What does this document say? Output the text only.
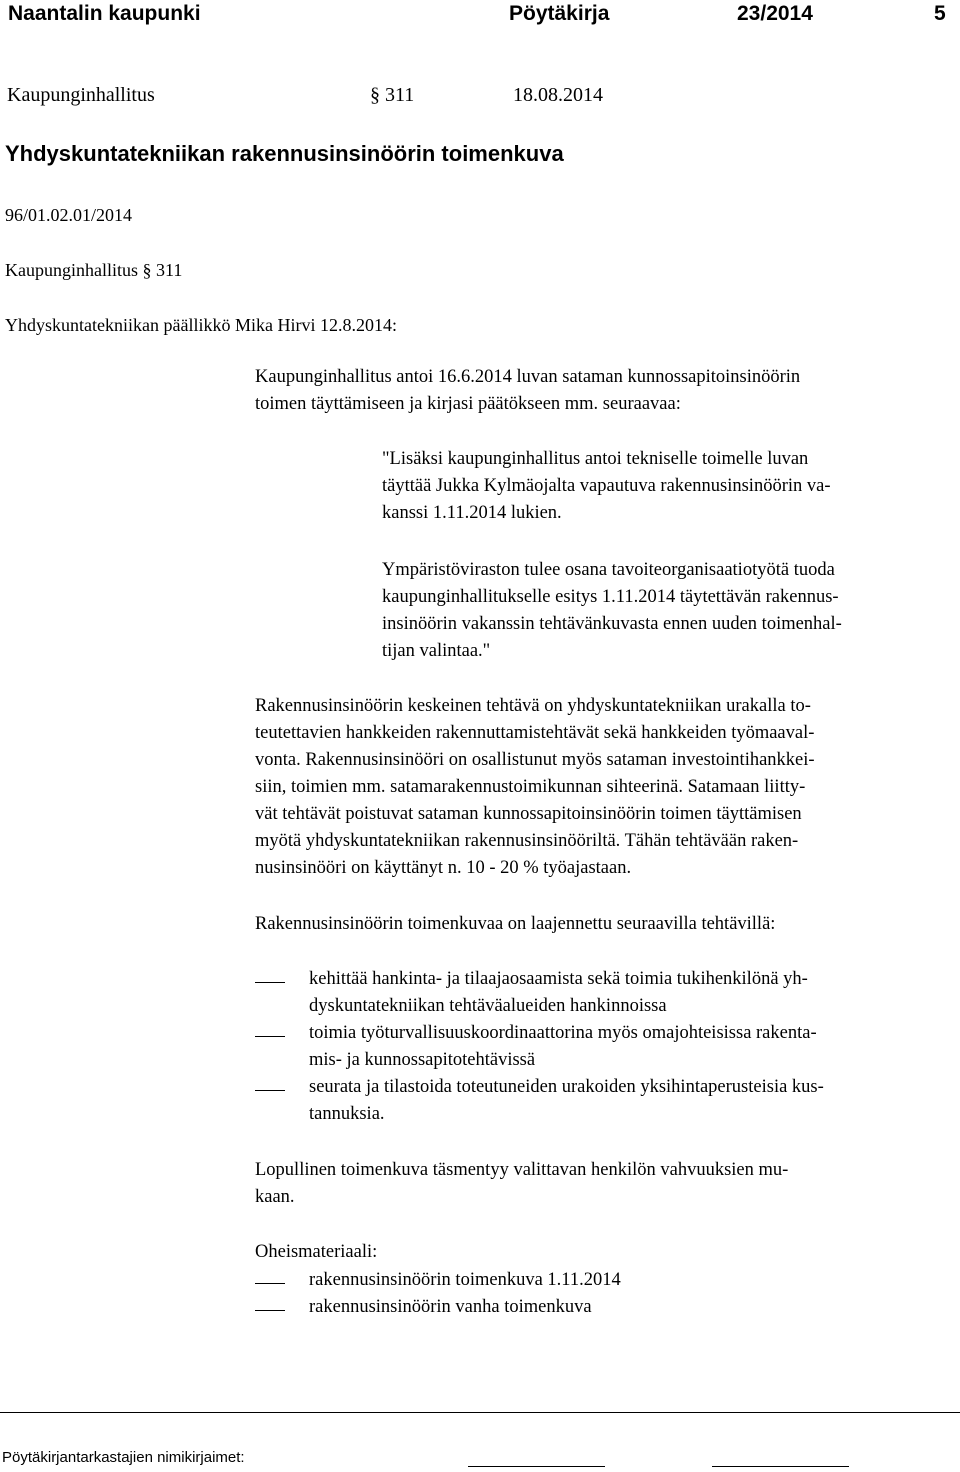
Naantalin kaupunki	Pöytäkirja	23/2014	5
Kaupunginhallitus	§ 311	18.08.2014
Yhdyskuntatekniikan rakennusinsinöörin toimenkuva
96/01.02.01/2014
Kaupunginhallitus § 311
Yhdyskuntatekniikan päällikkö Mika Hirvi 12.8.2014:
Kaupunginhallitus antoi 16.6.2014 luvan sataman kunnossapitoinsinöörin
toimen täyttämiseen ja kirjasi päätökseen mm. seuraavaa:
"Lisäksi kaupunginhallitus antoi tekniselle toimelle luvan
täyttää Jukka Kylmäojalta vapautuva rakennusinsinöörin va-
kanssi 1.11.2014 lukien.
Ympäristöviraston tulee osana tavoiteorganisaatiotyötä tuoda
kaupunginhallitukselle esitys 1.11.2014 täytettävän rakennus-
insinöörin vakanssin tehtävänkuvasta ennen uuden toimenhal-
tijan valintaa."
Rakennusinsinöörin keskeinen tehtävä on yhdyskuntatekniikan urakalla to-
teutettavien hankkeiden rakennuttamistehtävät sekä hankkeiden työmaaval-
vonta. Rakennusinsinööri on osallistunut myös sataman investointihankkei-
siin, toimien mm. satamarakennustoimikunnan sihteerinä. Satamaan liitty-
vät tehtävät poistuvat sataman kunnossapitoinsinöörin toimen täyttämisen
myötä yhdyskuntatekniikan rakennusinsinööriltä. Tähän tehtävään raken-
nusinsinööri on käyttänyt n. 10 - 20 % työajastaan.
Rakennusinsinöörin toimenkuvaa on laajennettu seuraavilla tehtävillä:
kehittää hankinta- ja tilaajaosaamista sekä toimia tukihenkilönä yh-
dyskuntatekniikan tehtäväalueiden hankinnoissa
toimia työturvallisuuskoordinaattorina myös omajohteisissa rakenta-
mis- ja kunnossapitotehtävissä
seurata ja tilastoida toteutuneiden urakoiden yksihintaperusteisia kus-
tannuksia.
Lopullinen toimenkuva täsmentyy valittavan henkilön vahvuuksien mu-
kaan.
Oheismateriaali:
rakennusinsinöörin toimenkuva 1.11.2014
rakennusinsinöörin vanha toimenkuva
Pöytäkirjantarkastajien nimikirjaimet:
